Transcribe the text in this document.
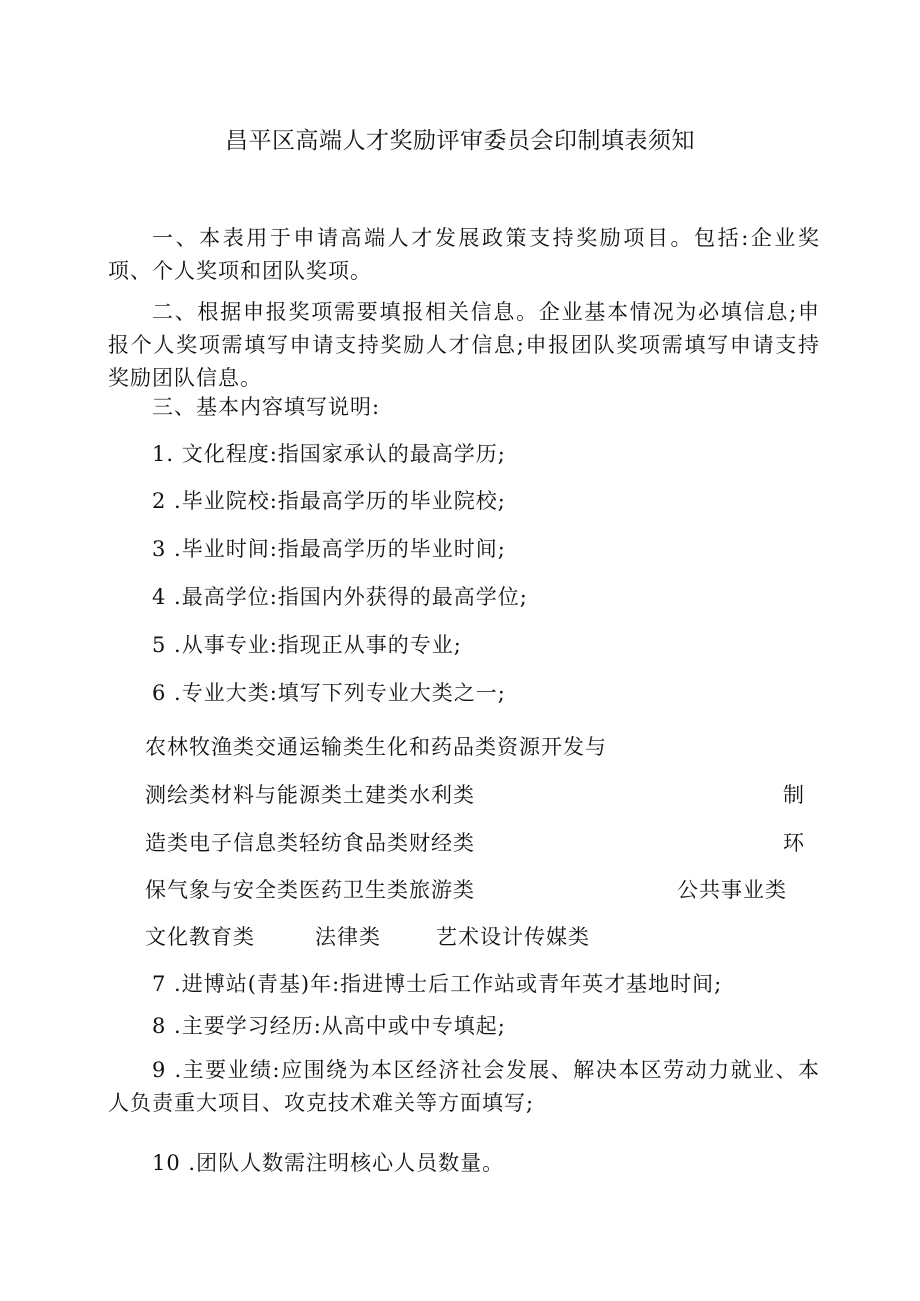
昌平区高端人才奖励评审委员会印制填表须知
一、本表用于申请高端人才发展政策支持奖励项目。包括:企业奖项、个人奖项和团队奖项。
二、根据申报奖项需要填报相关信息。企业基本情况为必填信息;申报个人奖项需填写申请支持奖励人才信息;申报团队奖项需填写申请支持奖励团队信息。
三、基本内容填写说明:
1. 文化程度:指国家承认的最高学历;
2 .毕业院校:指最高学历的毕业院校;
3 .毕业时间:指最高学历的毕业时间;
4 .最高学位:指国内外获得的最高学位;
5 .从事专业:指现正从事的专业;
6 .专业大类:填写下列专业大类之一;
农林牧渔类交通运输类生化和药品类资源开发与
测绘类材料与能源类土建类水利类	制
造类电子信息类轻纺食品类财经类	环
保气象与安全类医药卫生类旅游类	公共事业类
文化教育类	法律类	艺术设计传媒类
7 .进博站(青基)年:指进博士后工作站或青年英才基地时间;
8 .主要学习经历:从高中或中专填起;
9 .主要业绩:应围绕为本区经济社会发展、解决本区劳动力就业、本人负责重大项目、攻克技术难关等方面填写;
10 .团队人数需注明核心人员数量。
